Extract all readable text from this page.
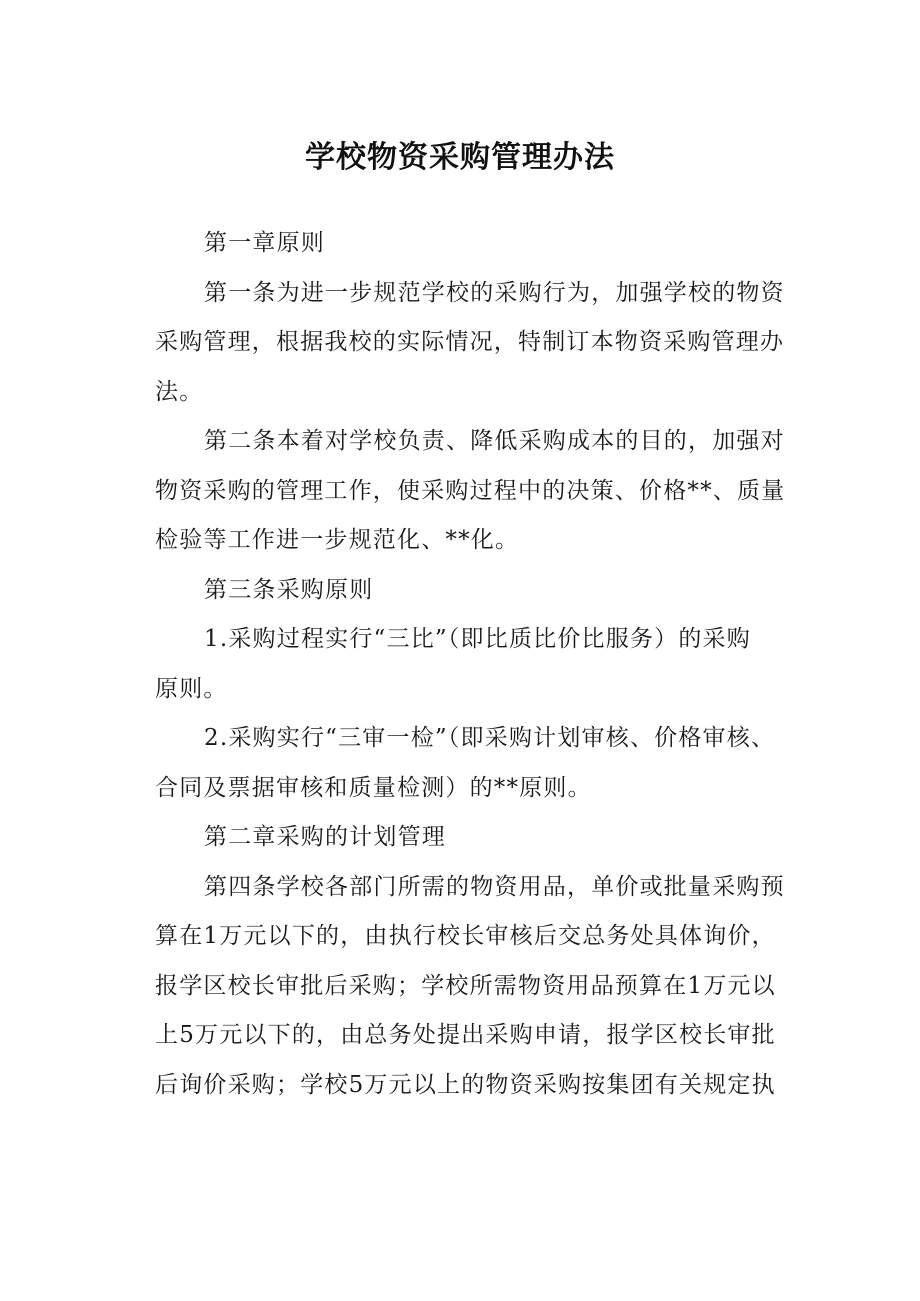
学校物资采购管理办法
第一章原则
第一条为进一步规范学校的采购行为，加强学校的物资
采购管理，根据我校的实际情况，特制订本物资采购管理办
法。
第二条本着对学校负责、降低采购成本的目的，加强对
物资采购的管理工作，使采购过程中的决策、价格**、质量
检验等工作进一步规范化、**化。
第三条采购原则
1.采购过程实行“三比”（即比质比价比服务）的采购
原则。
2.采购实行“三审一检”（即采购计划审核、价格审核、
合同及票据审核和质量检测）的**原则。
第二章采购的计划管理
第四条学校各部门所需的物资用品，单价或批量采购预
算在1万元以下的，由执行校长审核后交总务处具体询价，
报学区校长审批后采购；学校所需物资用品预算在1万元以
上5万元以下的，由总务处提出采购申请，报学区校长审批
后询价采购；学校5万元以上的物资采购按集团有关规定执
